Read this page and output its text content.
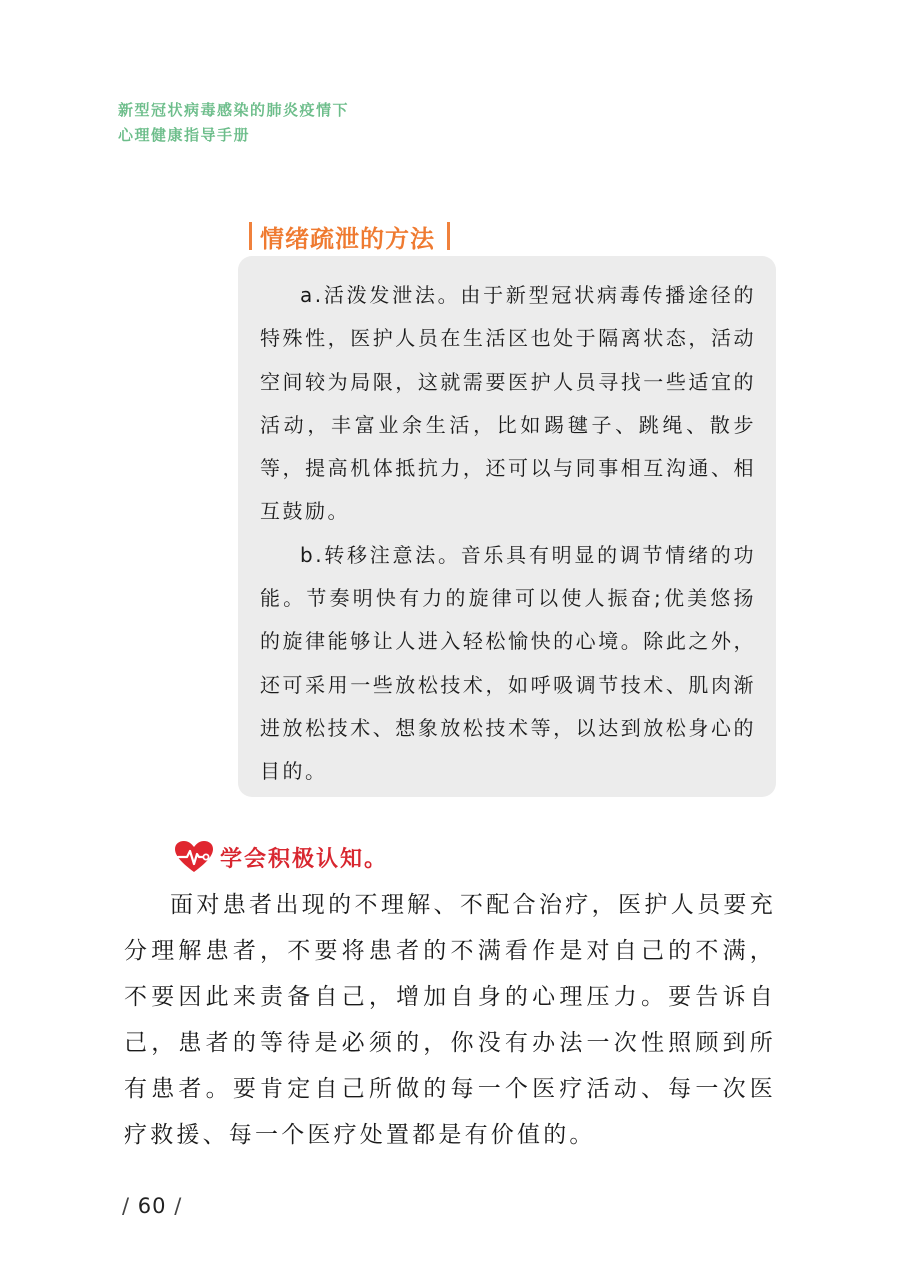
新型冠状病毒感染的肺炎疫情下
心理健康指导手册
情绪疏泄的方法

a.活泼发泄法。由于新型冠状病毒传播途径的特殊性，医护人员在生活区也处于隔离状态，活动空间较为局限，这就需要医护人员寻找一些适宜的活动，丰富业余生活，比如踢毽子、跳绳、散步等，提高机体抵抗力，还可以与同事相互沟通、相互鼓励。

b.转移注意法。音乐具有明显的调节情绪的功能。节奏明快有力的旋律可以使人振奋;优美悠扬的旋律能够让人进入轻松愉快的心境。除此之外，还可采用一些放松技术，如呼吸调节技术、肌肉渐进放松技术、想象放松技术等，以达到放松身心的目的。

学会积极认知。

面对患者出现的不理解、不配合治疗，医护人员要充分理解患者，不要将患者的不满看作是对自己的不满，不要因此来责备自己，增加自身的心理压力。要告诉自己，患者的等待是必须的，你没有办法一次性照顾到所有患者。要肯定自己所做的每一个医疗活动、每一次医疗救援、每一个医疗处置都是有价值的。

/ 60 /
